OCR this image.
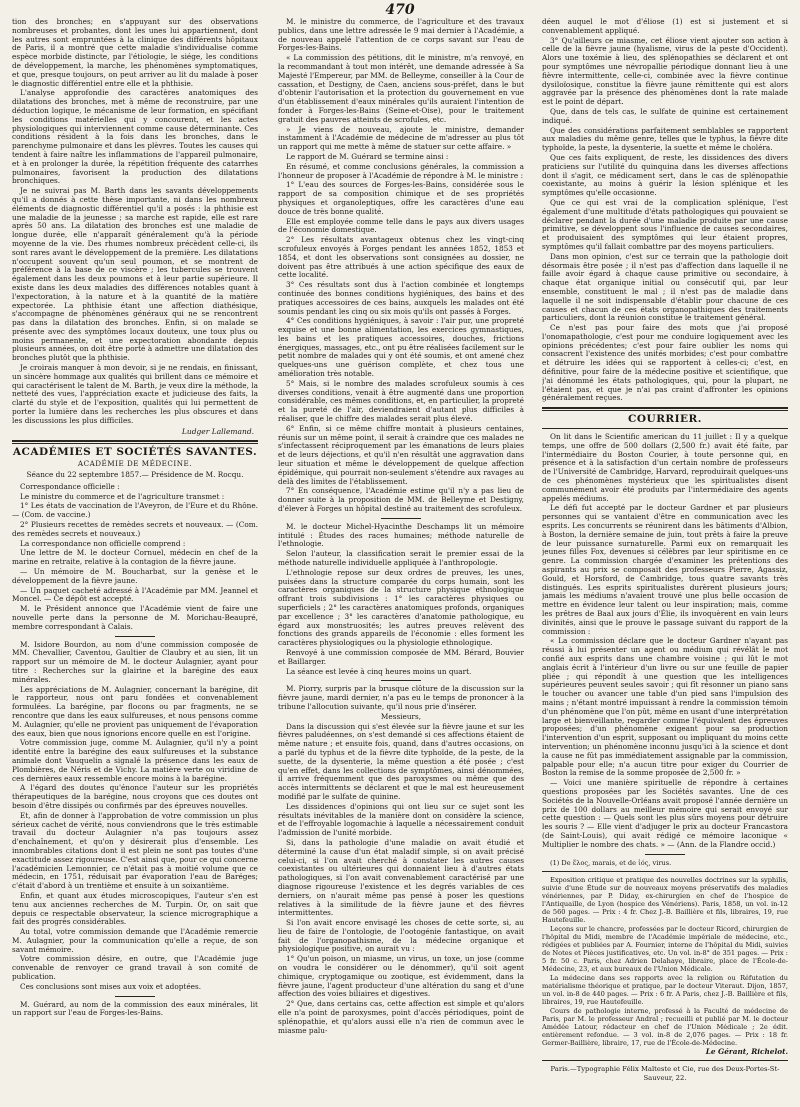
470

tion des bronches; en s'appuyant sur des observations nombreuses et probantes, dont les unes lui appartiennent, dont les autres sont empruntées à la clinique des différents hôpitaux de Paris, il a montré que cette maladie s'individualise comme espèce morbide distincte, par l'étiologie, le siége, les conditions de développement, la marche, les phénomènes symptomatiques, et que, presque toujours, on peut arriver au lit du malade à poser le diagnostic différentiel entre elle et la phthisie.

L'analyse approfondie des caractères anatomiques des dilatations des bronches, met à même de reconstruire, par une déduction logique, le mécanisme de leur formation, en spécifiant les conditions matérielles qui y concourent, et les actes physiologiques qui interviennent comme cause déterminante. Ces conditions résident à la fois dans les bronches, dans le parenchyme pulmonaire et dans les plèvres. Toutes les causes qui tendent à faire naître les inflammations de l'appareil pulmonaire, et à en prolonger la durée, la répétition fréquente des catarrhes pulmonaires, favorisent la production des dilatations bronchiques.

Je ne suivrai pas M. Barth dans les savants développements qu'il a donnés à cette thèse importante, ni dans les nombreux éléments de diagnostic différentiel qu'il a posés : la phthisie est une maladie de la jeunesse ; sa marche est rapide, elle est rare après 50 ans. La dilatation des bronches est une maladie de longue durée, elle n'apparaît généralement qu'à la période moyenne de la vie. Des rhumes nombreux précèdent celle-ci, ils sont rares avant le développement de la première. Les dilatations n'occupent souvent qu'un seul poumon, et se montrent de préférence à la base de ce viscère ; les tubercules se trouvent également dans les deux poumons et à leur partie supérieure. Il existe dans les deux maladies des différences notables quant à l'expectoration, à la nature et à la quantité de la matière expectorée. La phthisie étant une affection diathésique, s'accompagne de phénomènes généraux qui ne se rencontrent pas dans la dilatation des bronches. Enfin, si on malade se présente avec des symptômes locaux douteux, une toux plus ou moins permanente, et une expectoration abondante depuis plusieurs années, on doit être porté à admettre une dilatation des bronches plutôt que la phthisie.

Je croirais manquer à mon devoir, si je ne rendais, en finissant, un sincère hommage aux qualités qui brillent dans ce mémoire et qui caractérisent le talent de M. Barth, je veux dire la méthode, la netteté des vues, l'appréciation exacte et judicieuse des faits, la clarté du style et de l'exposition, qualités qui lui permettent de porter la lumière dans les recherches les plus obscures et dans les discussions les plus difficiles.

Ludger Lallemand.
ACADÉMIES ET SOCIÉTÉS SAVANTES.
ACADÉMIE DE MÉDECINE.
Séance du 22 septembre 1857.— Présidence de M. Rocqu.

Correspondance officielle :

Le ministre du commerce et de l'agriculture transmet :

1° Les états de vaccination de l'Aveyron, de l'Eure et du Rhône. — (Com. de vaccine.)

2° Plusieurs recettes de remèdes secrets et nouveaux. — (Com. des remèdes secrets et nouveaux.)

La correspondance non officielle comprend :

Une lettre de M. le docteur Cornuel, médecin en chef de la marine en retraite, relative à la contagion de la fièvre jaune.

— Un mémoire de M. Boucharbat, sur la genèse et le développement de la fièvre jaune.

— Un paquet cacheté adressé à l'Académie par MM. Jeannel et Moncel. — Ce dépôt est accepté.

M. le Président annonce que l'Académie vient de faire une nouvelle perte dans la personne de M. Morichau-Beaupré, membre correspondant à Calais.

M. Isidore Bourdon, au nom d'une commission composée de MM. Chevallier, Caventou, Gaultier de Claubry et au sien, lit un rapport sur un mémoire de M. le docteur Aulagnier, ayant pour titre : Recherches sur la glairine et la barégine des eaux minérales.

Les appréciations de M. Aulagnier, concernant la barégine, dit le rapporteur, nous ont paru fondées et convenablement formulées. La barégine, par flocons ou par fragments, ne se rencontre que dans les eaux sulfureuses, et nous pensons comme M. Aulagnier, qu'elle ne provient pas uniquement de l'évaporation des eaux, bien que nous ignorions encore quelle en est l'origine.

Votre commission juge, comme M. Aulagnier, qu'il n'y a point identité entre la barégine des eaux sulfureuses et la substance animale dont Vauquelin a signalé la présence dans les eaux de Plombières, de Néris et de Vichy. La matière verte ou viridine de ces dernières eaux ressemble encore moins à la barégine.

A l'égard des doutes qu'énonce l'auteur sur les propriétés thérapeutiques de la barégine, nous croyons que ces doutes ont besoin d'être dissipés ou confirmés par des épreuves nouvelles.

Et, afin de donner à l'approbation de votre commission un plus sérieux cachet de vérité, nous conviendrons que le très estimable travail du docteur Aulagnier n'a pas toujours assez d'enchaînement, et qu'on y désirerait plus d'ensemble. Les innombrables citations dont il est plein ne sont pas toutes d'une exactitude assez rigoureuse. C'est ainsi que, pour ce qui concerne l'académicien Lemonnier, ce n'était pas à moitié volume que ce médecin, en 1751, réduisait par évaporation l'eau de Baréges; c'était d'abord à un trentième et ensuite à un soixantième.

Enfin, et quant aux études microscopiques, l'auteur s'en est tenu aux anciennes recherches de M. Turpin. Or, on sait que depuis ce respectable observateur, la science micrographique a fait des progrès considérables.

Au total, votre commission demande que l'Académie remercie M. Aulagnier, pour la communication qu'elle a reçue, de son savant mémoire.

Votre commission désire, en outre, que l'Académie juge convenable de renvoyer ce grand travail à son comité de publication.

Ces conclusions sont mises aux voix et adoptées.

M. Guérard, au nom de la commission des eaux minérales, lit un rapport sur l'eau de Forges-les-Bains.

M. le ministre du commerce, de l'agriculture et des travaux publics, dans une lettre adressée le 9 mai dernier à l'Académie, a de nouveau appelé l'attention de ce corps savant sur l'eau de Forges-les-Bains.

« La commission des pétitions, dit le ministre, m'a renvoyé, en la recommandant à tout mon intérêt, une demande adressée à Sa Majesté l'Empereur, par MM. de Belleyme, conseiller à la Cour de cassation, et Destigny, de Caen, anciens sous-préfet, dans le but d'obtenir l'autorisation et la protection du gouvernement en vue d'un établissement d'eaux minérales qu'ils auraient l'intention de fonder à Forges-les-Bains (Seine-et-Oise), pour le traitement gratuit des pauvres atteints de scrofules, etc.

» Je viens de nouveau, ajoute le ministre, demander instamment à l'Académie de médecine de m'adresser au plus tôt un rapport qui me mette à même de statuer sur cette affaire. »

Le rapport de M. Guérard se termine ainsi :

En résumé, et comme conclusions générales, la commission a l'honneur de proposer à l'Académie de répondre à M. le ministre :

1° L'eau des sources de Forges-les-Bains, considérée sous le rapport de sa composition chimique et de ses propriétés physiques et organoleptiques, offre les caractères d'une eau douce de très bonne qualité.

Elle est employée comme telle dans le pays aux divers usages de l'économie domestique.

2° Les résultats avantageux obtenus chez les vingt-cinq scrofuleux envoyés à Forges pendant les années 1852, 1853 et 1854, et dont les observations sont consignées au dossier, ne doivent pas être attribués à une action spécifique des eaux de cette localité.

3° Ces résultats sont dus à l'action combinée et longtemps continuée des bonnes conditions hygiéniques, des bains et des pratiques accessoires de ces bains, auxquels les malades ont été soumis pendant les cinq ou six mois qu'ils ont passés à Forges.

4° Ces conditions hygiéniques, à savoir : l'air pur, une propreté exquise et une bonne alimentation, les exercices gymnastiques, les bains et les pratiques accessoires, douches, frictions énergiques, massages, etc., ont pu être réalisées facilement sur le petit nombre de malades qui y ont été soumis, et ont amené chez quelques-uns une guérison complète, et chez tous une amélioration très notable.

5° Mais, si le nombre des malades scrofuleux soumis à ces diverses conditions, venait à être augmenté dans une proportion considérable, ces mêmes conditions, et, en particulier, la propreté et la pureté de l'air, deviendraient d'autant plus difficiles à réaliser, que le chiffre des malades serait plus élevé.

6° Enfin, si ce même chiffre montait à plusieurs centaines, réunis sur un même point, il serait à craindre que ces malades ne s'infectassent réciproquement par les émanations de leurs plaies et de leurs déjections, et qu'il n'en résultât une aggravation dans leur situation et même le développement de quelque affection épidémique, qui pourrait non-seulement s'étendre aux ravages au delà des limites de l'établissement.

7° En conséquence, l'Académie estime qu'il n'y a pas lieu de donner suite à la proposition de MM. de Belleyme et Destigny, d'élever à Forges un hôpital destiné au traitement des scrofuleux.

M. le docteur Michel-Hyacinthe Deschamps lit un mémoire intitulé : Études des races humaines; méthode naturelle de l'ethnologie.

Selon l'auteur, la classification serait le premier essai de la méthode naturelle individuelle appliquée à l'anthropologie.

L'ethnologie repose sur deux ordres de preuves, les unes, puisées dans la structure comparée du corps humain, sont les caractères organiques de la structure physique ethnologique offrant trois subdivisions : 1° les caractères physiques ou superficiels ; 2° les caractères anatomiques profonds, organiques par excellence ; 3° les caractères d'anatomie pathologique, eu égard aux monstruosités; les autres preuves relèvent des fonctions des grands appareils de l'économie : elles forment les caractères physiologiques ou la physiologie ethnologique.

Renvoyé à une commission composée de MM. Bérard, Bouvier et Baillarger.

La séance est levée à cinq heures moins un quart.

M. Piorry, surpris par la brusque clôture de la discussion sur la fièvre jaune, mardi dernier, n'a pas eu le temps de prononcer à la tribune l'allocution suivante, qu'il nous prie d'insérer.

Messieurs,

Dans la discussion qui s'est élevée sur la fièvre jaune et sur les fièvres paludéennes, on s'est demandé si ces affections étaient de même nature ; et ensuite fois, quand, dans d'autres occasions, on a parlé du typhus et de la fièvre dite typhoïde, de la peste, de la suette, de la dysenterie, la même question a été posée ; c'est qu'en effet, dans les collections de symptômes, ainsi dénommées, il arrive fréquemment que des paroxysmes ou même que des accès intermittents se déclarent et que le mal est heureusement modifié par le sulfate de quinine.

Les dissidences d'opinions qui ont lieu sur ce sujet sont les résultats inévitables de la manière dont on considère la science, et de l'effroyable logomachie à laquelle a nécessairement conduit l'admission de l'unité morbide.

Si, dans la pathologie d'une maladie on avait étudié et déterminé la cause d'un état maladif simple, si on avait précisé celui-ci, si l'on avait cherché à constater les autres causes coexistantes ou ultérieures qui donnaient lieu à d'autres états pathologiques, si l'on avait convenablement caractérisé par une diagnose rigoureuse l'existence et les degrés variables de ces derniers, on n'aurait même pas pensé à poser les questions relatives à la similitude de la fièvre jaune et des fièvres intermittentes.

Si l'on avait encore envisagé les choses de cette sorte, si, au lieu de faire de l'ontologie, de l'ootogénie fantastique, on avait fait de l'organopathisme, de la médecine organique et physiologique positive, on aurait vu :

1° Qu'un poison, un miasme, un virus, un toxe, un jose (comme on voudra le considérer ou le dénommer), qu'il soit agent chimique, cryptogamique ou zootique, est évidemment, dans la fièvre jaune, l'agent producteur d'une altération du sang et d'une affection des voies biliaires et digestives.

2° Que, dans certains cas, cette affection est simple et qu'alors elle n'a point de paroxysmes, point d'accès périodiques, point de splénopathie, et qu'alors aussi elle n'a rien de commun avec le miasme palu-

déen auquel le mot d'éliose (1) est si justement et si convenablement appliqué.

3° Qu'ailleurs ce miasme, cet éliose vient ajouter son action à celle de la fièvre jaune (hyalisme, virus de la peste d'Occident). Alors une toxémie à lieu, des splénopathies se déclarent et ont pour symptômes une névropallie périodique donnant lieu à une fièvre intermittente, celle-ci, combinée avec la fièvre continue dysiloïosique, constitue la fièvre jaune rémittente qui est alors aggravée par la présence des phénomènes dont la rate malade est le point de départ.

Que, dans de tels cas, le sulfate de quinine est certainement indiqué.

Que des considérations parfaitement semblables se rapportent aux maladies du même genre, telles que le typhus, la fièvre dite typhoïde, la peste, la dysenterie, la suette et même le choléra.

Que ces faits expliquent, de reste, les dissidences des divers praticiens sur l'utilité du quinquina dans les diverses affections dont il s'agit, ce médicament sert, dans le cas de splénopathie coexistante, au moins à guérir la lésion splénique et les symptômes qu'elle occasionne.

Que ce qui est vrai de la complication splénique, l'est également d'une multitude d'états pathologiques qui pouvaient se déclarer pendant la durée d'une maladie produite par une cause primitive, se développent sous l'influence de causes secondaires, et produisaient des symptômes qui leur étaient propres, symptômes qu'il fallait combattre par des moyens particuliers.

Dans mon opinion, c'est sur ce terrain que la pathologie doit désormais être posée ; il n'est pas d'affection dans laquelle il ne faille avoir égard à chaque cause primitive ou secondaire, à chaque état organique initial ou consécutif qui, par leur ensemble, constituent le mal ; il n'est pas de maladie dans laquelle il ne soit indispensable d'établir pour chacune de ces causes et chacun de ces états organopathiques des traitements particuliers, dont la réunion constitue le traitement général.

Ce n'est pas pour faire des mots que j'ai proposé l'onomapathologie, c'est pour me conduire logiquement avec les opinions précédentes; c'est pour faire oublier les noms qui consacrent l'existence des unités morbides; c'est pour combattre et détruire les idées qui se rapportent à celles-ci; c'est, en définitive, pour faire de la médecine positive et scientifique, que j'ai dénommé les états pathologiques, qui, pour la plupart, ne l'étaient pas, et que je n'ai pas craint d'affronter les opinions généralement reçues.

COURRIER.

On lit dans le Scientific american du 11 juillet : Il y a quelque temps, une offre de 500 dollars (2,500 fr.) avait été faite, par l'intermédiaire du Boston Courier, à toute personne qui, en présence et à la satisfaction d'un certain nombre de professeurs de l'Université de Cambridge, Harvard, reproduirait quelques-uns de ces phénomènes mystérieux que les spiritualistes disent communément avoir été produits par l'intermédiaire des agents appelés médiums.

Le défi fut accepté par le docteur Gardner et par plusieurs personnes qui se vantaient d'être en communication avec les esprits. Les concurrents se réunirent dans les bâtiments d'Albion, à Boston, la dernière semaine de juin, tout prêts à faire la preuve de leur puissance surnaturelle. Parmi eux on remarquait les jeunes filles Fox, devenues si célèbres par leur spiritisme en ce genre. La commission chargée d'examiner les prétentions des aspirants au prix se composait des professeurs Pierre, Agassiz, Gould, et Horsford, de Cambridge, tous quatre savants très distingués. Les esprits spiritualistes durèrent plusieurs jours; jamais les médiums n'avaient trouvé une plus belle occasion de mettre en évidence leur talent ou leur inspiration; mais, comme les prêtres de Baal aux jours d'Élie, ils invoquèrent en vain leurs divinités, ainsi que le prouve le passage suivant du rapport de la commission :

« La commission déclare que le docteur Gardner n'ayant pas réussi à lui présenter un agent ou médium qui révélât le mot confié aux esprits dans une chambre voisine ; qui lût le mot anglais écrit à l'intérieur d'un livre ou sur une feuille de papier pliée ; qui répondît à une question que les intelligences supérieures peuvent seules savoir ; qui fît résonner un piano sans le toucher ou avancer une table d'un pied sans l'impulsion des mains ; n'étant montré impuissant à rendre la commission témoin d'un phénomène que l'on pût, même en usant d'une interprétation large et bienveillante, regarder comme l'équivalent des épreuves proposées; d'un phénomène exigeant pour sa production l'intervention d'un esprit, supposant ou impliquant du moins cette intervention; un phénomène inconnu jusqu'ici à la science et dont la cause ne fût pas immédiatement assignable par la commission, palpable pour elle; n'a aucun titre pour exiger du Courrier de Boston la remise de la somme proposée de 2,500 fr. »

— Voici une manière spirituelle de répondre à certaines questions proposées par les Sociétés savantes. Une de ces Sociétés de la Nouvelle-Orléans avait proposé l'année dernière un prix de 100 dollars au meilleur mémoire qui serait envoyé sur cette question : — Quels sont les plus sûrs moyens pour détruire les souris ? — Elle vient d'adjuger le prix au docteur Francastora (de Saint-Louis), qui avait rédigé ce mémoire laconique « Multiplier le nombre des chats. » — (Ann. de la Flandre occid.)

(1) De ἕλος, marais, et de ἰός, virus.

Exposition critique et pratique des nouvelles doctrines sur la syphilis, suivie d'une Étude sur de nouveaux moyens préservatifs des maladies vénériennes, par P. Diday, ex-chirurgien en chef de l'hospice de l'Antiquaille, de Lyon (hospice des Vénériens). Paris, 1858, un vol. in-12 de 560 pages. — Prix : 4 fr. Chez J.-B. Baillière et fils, libraires, 19, rue Hautefeuille.

Leçons sur le chancre, professées par le docteur Ricord, chirurgien de l'hôpital du Midi, membre de l'Académie impériale de médecine, etc., rédigées et publiées par A. Fournier, interne de l'hôpital du Midi, suivies de Notes et Pièces justificatives, etc. Un vol. in-8° de 351 pages. — Prix : 5 fr. 50 c. Paris, chez Adrien Delahaye, libraire, place de l'École-de-Médecine, 23, et aux bureaux de l'Union Médicale.

La médecine dans ses rapports avec la religion ou Réfutation du matérialisme théorique et pratique, par le docteur Viteraut. Dijon, 1857, un vol. in-8 de 440 pages. — Prix : 6 fr. A Paris, chez J.-B. Baillière et fils, libraires, 19, rue Hautefeuille.

Cours de pathologie interne, professé à la Faculté de médecine de Paris, par M. le professeur Andral ; recueilli et publié par M. le docteur Amédée Latour, rédacteur en chef de l'Union Médicale ; 2e édit. entièrement refondue. — 3 vol. in-8 de 2,076 pages. — Prix : 18 fr. Germer-Baillière, libraire, 17, rue de l'École-de-Médecine.

Le Gérant, Richelot.
Paris.—Typographie Félix Malteste et Cie, rue des Deux-Portes-St-Sauveur, 22.
